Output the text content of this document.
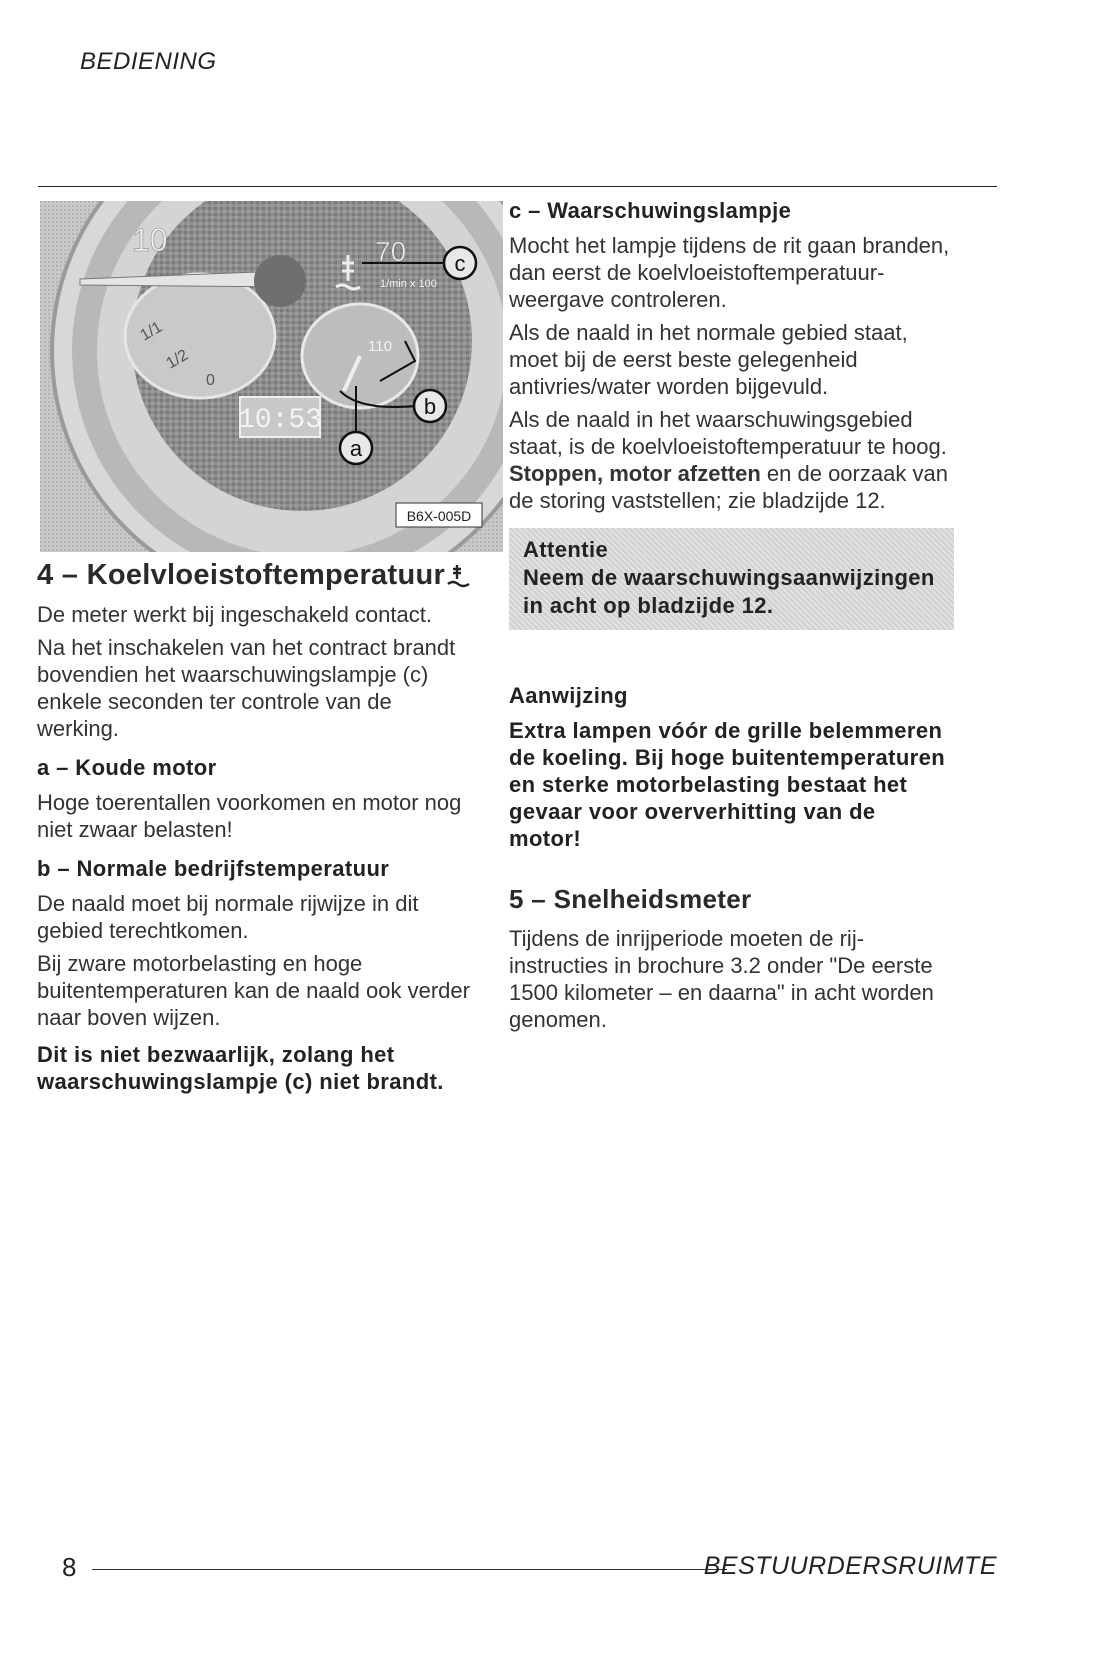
BEDIENING
10:53
10	70
110
1/min x 100
1/1
1/2
0
c
b
a
B6X-005D
4 – Koelvloeistoftemperatuur

De meter werkt bij ingeschakeld contact.

Na het inschakelen van het contract brandt bovendien het waarschuwingslampje (c) enkele seconden ter controle van de werking.

a – Koude motor

Hoge toerentallen voorkomen en motor nog niet zwaar belasten!

b – Normale bedrijfstemperatuur

De naald moet bij normale rijwijze in dit gebied terechtkomen.

Bij zware motorbelasting en hoge buitentemperaturen kan de naald ook verder naar boven wijzen.

Dit is niet bezwaarlijk, zolang het waarschuwingslampje (c) niet brandt.

c – Waarschuwingslampje

Mocht het lampje tijdens de rit gaan branden, dan eerst de koelvloeistoftemperatuur-weergave controleren.

Als de naald in het normale gebied staat, moet bij de eerst beste gelegenheid antivries/water worden bijgevuld.

Als de naald in het waarschuwingsgebied staat, is de koelvloeistoftemperatuur te hoog. Stoppen, motor afzetten en de oorzaak van de storing vaststellen; zie bladzijde 12.

Attentie
Neem de waarschuwingsaanwijzingen in acht op bladzijde 12.
Aanwijzing

Extra lampen vóór de grille belemmeren de koeling. Bij hoge buitentemperaturen en sterke motorbelasting bestaat het gevaar voor oververhitting van de motor!

5 – Snelheidsmeter

Tijdens de inrijperiode moeten de rij-instructies in brochure 3.2 onder "De eerste 1500 kilometer – en daarna" in acht worden genomen.

8	BESTUURDERSRUIMTE
